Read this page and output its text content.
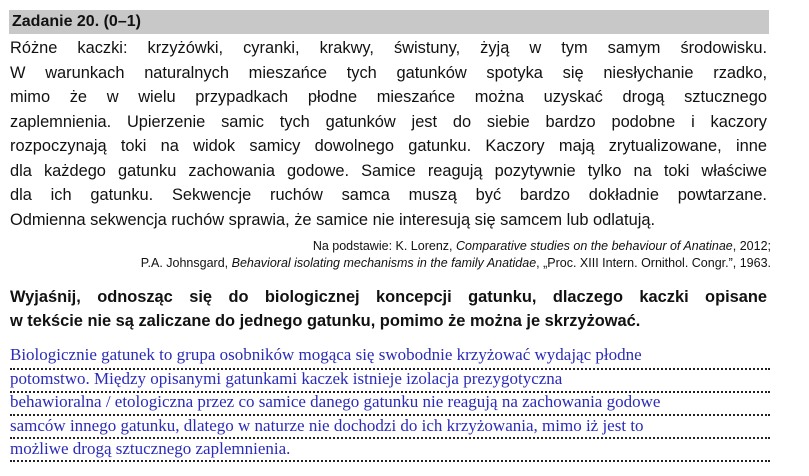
Zadanie 20. (0–1)
Różne kaczki: krzyżówki, cyranki, krakwy, świstuny, żyją w tym samym środowisku.
W warunkach naturalnych mieszańce tych gatunków spotyka się niesłychanie rzadko,
mimo że w wielu przypadkach płodne mieszańce można uzyskać drogą sztucznego
zaplemnienia. Upierzenie samic tych gatunków jest do siebie bardzo podobne i kaczory
rozpoczynają toki na widok samicy dowolnego gatunku. Kaczory mają zrytualizowane, inne
dla każdego gatunku zachowania godowe. Samice reagują pozytywnie tylko na toki właściwe
dla ich gatunku. Sekwencje ruchów samca muszą być bardzo dokładnie powtarzane.
Odmienna sekwencja ruchów sprawia, że samice nie interesują się samcem lub odlatują.
Na podstawie: K. Lorenz, Comparative studies on the behaviour of Anatinae, 2012;
P.A. Johnsgard, Behavioral isolating mechanisms in the family Anatidae, „Proc. XIII Intern. Ornithol. Congr.”, 1963.
Wyjaśnij, odnosząc się do biologicznej koncepcji gatunku, dlaczego kaczki opisane
w tekście nie są zaliczane do jednego gatunku, pomimo że można je skrzyżować.
Biologicznie gatunek to grupa osobników mogąca się swobodnie krzyżować wydając płodne
potomstwo. Między opisanymi gatunkami kaczek istnieje izolacja prezygotyczna
behawioralna / etologiczna przez co samice danego gatunku nie reagują na zachowania godowe
samców innego gatunku, dlatego w naturze nie dochodzi do ich krzyżowania, mimo iż jest to
możliwe drogą sztucznego zaplemnienia.
